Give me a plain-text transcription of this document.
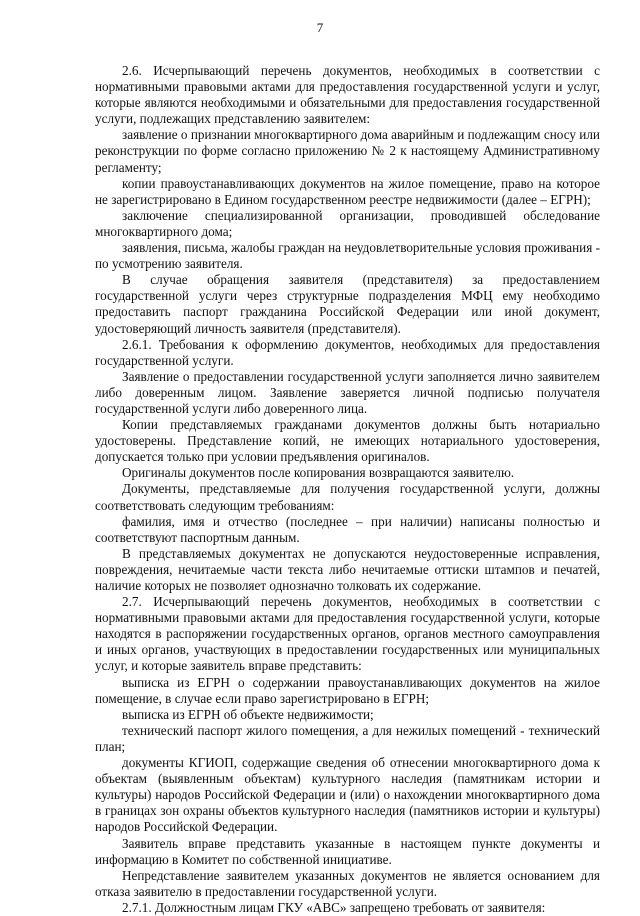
7

2.6. Исчерпывающий перечень документов, необходимых в соответствии с нормативными правовыми актами для предоставления государственной услуги и услуг, которые являются необходимыми и обязательными для предоставления государственной услуги, подлежащих представлению заявителем:

заявление о признании многоквартирного дома аварийным и подлежащим сносу или реконструкции по форме согласно приложению № 2 к настоящему Административному регламенту;

копии правоустанавливающих документов на жилое помещение, право на которое не зарегистрировано в Едином государственном реестре недвижимости (далее – ЕГРН);

заключение специализированной организации, проводившей обследование многоквартирного дома;

заявления, письма, жалобы граждан на неудовлетворительные условия проживания - по усмотрению заявителя.

В случае обращения заявителя (представителя) за предоставлением государственной услуги через структурные подразделения МФЦ ему необходимо предоставить паспорт гражданина Российской Федерации или иной документ, удостоверяющий личность заявителя (представителя).

2.6.1. Требования к оформлению документов, необходимых для предоставления государственной услуги.

Заявление о предоставлении государственной услуги заполняется лично заявителем либо доверенным лицом. Заявление заверяется личной подписью получателя государственной услуги либо доверенного лица.

Копии представляемых гражданами документов должны быть нотариально удостоверены. Представление копий, не имеющих нотариального удостоверения, допускается только при условии предъявления оригиналов.

Оригиналы документов после копирования возвращаются заявителю.

Документы, представляемые для получения государственной услуги, должны соответствовать следующим требованиям:

фамилия, имя и отчество (последнее – при наличии) написаны полностью и соответствуют паспортным данным.

В представляемых документах не допускаются неудостоверенные исправления, повреждения, нечитаемые части текста либо нечитаемые оттиски штампов и печатей, наличие которых не позволяет однозначно толковать их содержание.

2.7. Исчерпывающий перечень документов, необходимых в соответствии с нормативными правовыми актами для предоставления государственной услуги, которые находятся в распоряжении государственных органов, органов местного самоуправления и иных органов, участвующих в предоставлении государственных или муниципальных услуг, и которые заявитель вправе представить:

выписка из ЕГРН о содержании правоустанавливающих документов на жилое помещение, в случае если право зарегистрировано в ЕГРН;

выписка из ЕГРН об объекте недвижимости;

технический паспорт жилого помещения, а для нежилых помещений - технический план;

документы КГИОП, содержащие сведения об отнесении многоквартирного дома к объектам (выявленным объектам) культурного наследия (памятникам истории и культуры) народов Российской Федерации и (или) о нахождении многоквартирного дома в границах зон охраны объектов культурного наследия (памятников истории и культуры) народов Российской Федерации.

Заявитель вправе представить указанные в настоящем пункте документы и информацию в Комитет по собственной инициативе.

Непредставление заявителем указанных документов не является основанием для отказа заявителю в предоставлении государственной услуги.

2.7.1. Должностным лицам ГКУ «АВС» запрещено требовать от заявителя:
